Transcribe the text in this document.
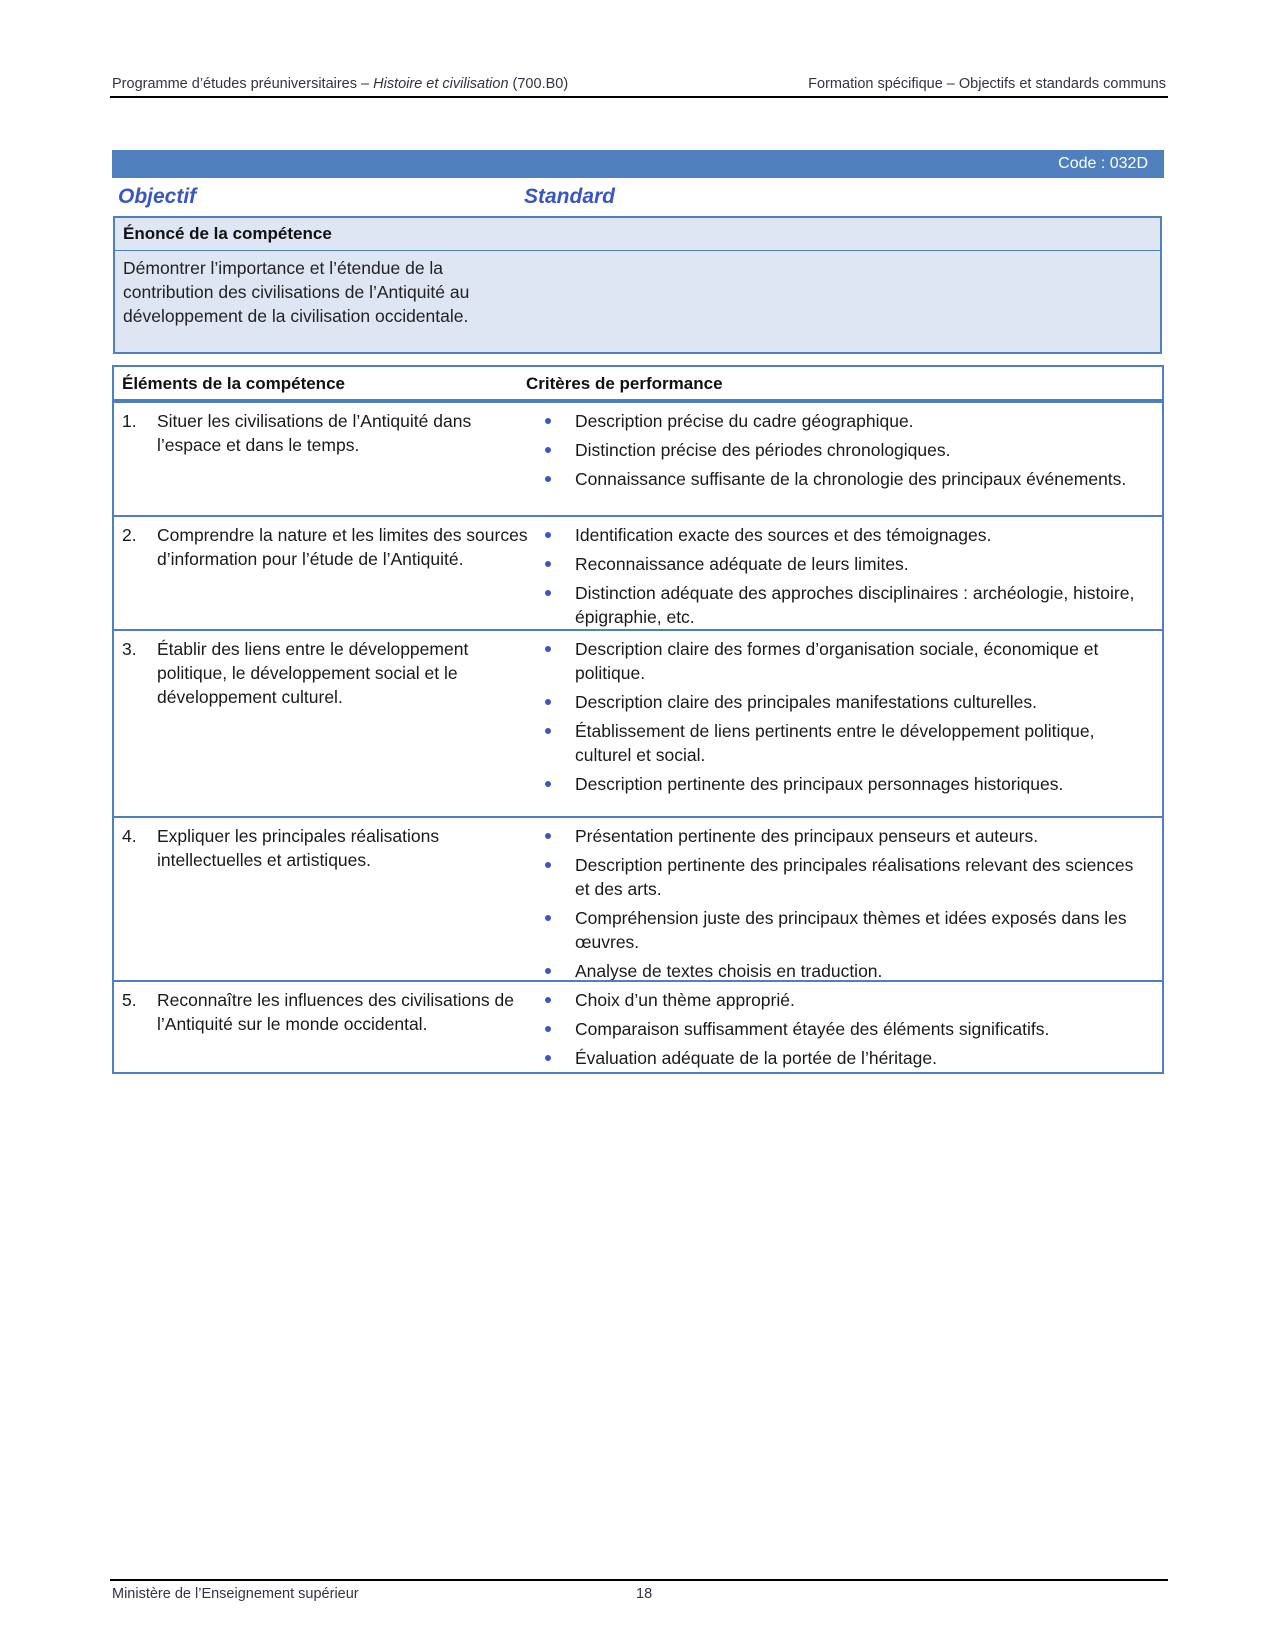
Programme d’études préuniversitaires – Histoire et civilisation (700.B0)	Formation spécifique – Objectifs et standards communs
Code : 032D
Objectif	Standard
Énoncé de la compétence
Démontrer l’importance et l’étendue de la contribution des civilisations de l’Antiquité au développement de la civilisation occidentale.
Éléments de la compétence	Critères de performance
1.	Situer les civilisations de l’Antiquité dans l’espace et dans le temps.
Description précise du cadre géographique.
Distinction précise des périodes chronologiques.
Connaissance suffisante de la chronologie des principaux événements.
2.	Comprendre la nature et les limites des sources d’information pour l’étude de l’Antiquité.
Identification exacte des sources et des témoignages.
Reconnaissance adéquate de leurs limites.
Distinction adéquate des approches disciplinaires : archéologie, histoire, épigraphie, etc.
3.	Établir des liens entre le développement politique, le développement social et le développement culturel.
Description claire des formes d’organisation sociale, économique et politique.
Description claire des principales manifestations culturelles.
Établissement de liens pertinents entre le développement politique, culturel et social.
Description pertinente des principaux personnages historiques.
4.	Expliquer les principales réalisations intellectuelles et artistiques.
Présentation pertinente des principaux penseurs et auteurs.
Description pertinente des principales réalisations relevant des sciences et des arts.
Compréhension juste des principaux thèmes et idées exposés dans les œuvres.
Analyse de textes choisis en traduction.
5.	Reconnaître les influences des civilisations de l’Antiquité sur le monde occidental.
Choix d’un thème approprié.
Comparaison suffisamment étayée des éléments significatifs.
Évaluation adéquate de la portée de l’héritage.
Ministère de l’Enseignement supérieur	18
